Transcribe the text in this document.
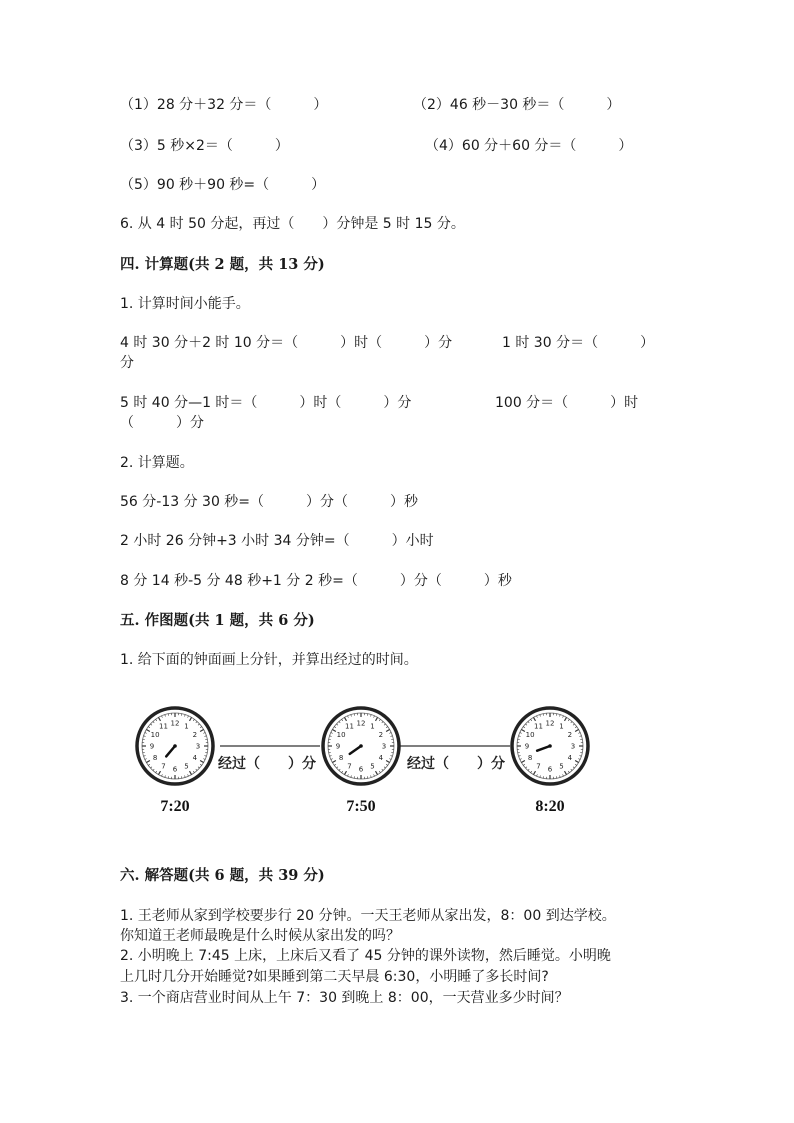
（1）28 分＋32 分＝（　　　）	（2）46 秒－30 秒＝（　　　）
（3）5 秒×2＝（　　　）	（4）60 分＋60 分＝（　　　）
（5）90 秒＋90 秒=（　　　）
6. 从 4 时 50 分起，再过（　　）分钟是 5 时 15 分。
四. 计算题(共 2 题，共 13 分)
1. 计算时间小能手。
4 时 30 分＋2 时 10 分＝（　　　）时（　　　）分	1 时 30 分＝（　　　）
分
5 时 40 分—1 时＝（　　　）时（　　　）分	100 分＝（　　　）时
（　　　）分
2. 计算题。
56 分-13 分 30 秒=（　　　）分（　　　）秒
2 小时 26 分钟+3 小时 34 分钟=（　　　）小时
8 分 14 秒-5 分 48 秒+1 分 2 秒=（　　　）分（　　　）秒
五. 作图题(共 1 题，共 6 分)
1. 给下面的钟面画上分针，并算出经过的时间。
经过（　　）分	经过（　　）分
7:20	7:50	8:20
12 1
2
3
4
5
6
7
8
9
10
11	12 1
2
3
4
5
6
7
8
9
10
11	12 1
2
3
4
5
6
7
8
9
10
11
六. 解答题(共 6 题，共 39 分)
1. 王老师从家到学校要步行 20 分钟。一天王老师从家出发，8：00 到达学校。
你知道王老师最晚是什么时候从家出发的吗？
2. 小明晚上 7:45 上床，上床后又看了 45 分钟的课外读物，然后睡觉。小明晚
上几时几分开始睡觉?如果睡到第二天早晨 6:30，小明睡了多长时间?
3. 一个商店营业时间从上午 7：30 到晚上 8：00，一天营业多少时间？
